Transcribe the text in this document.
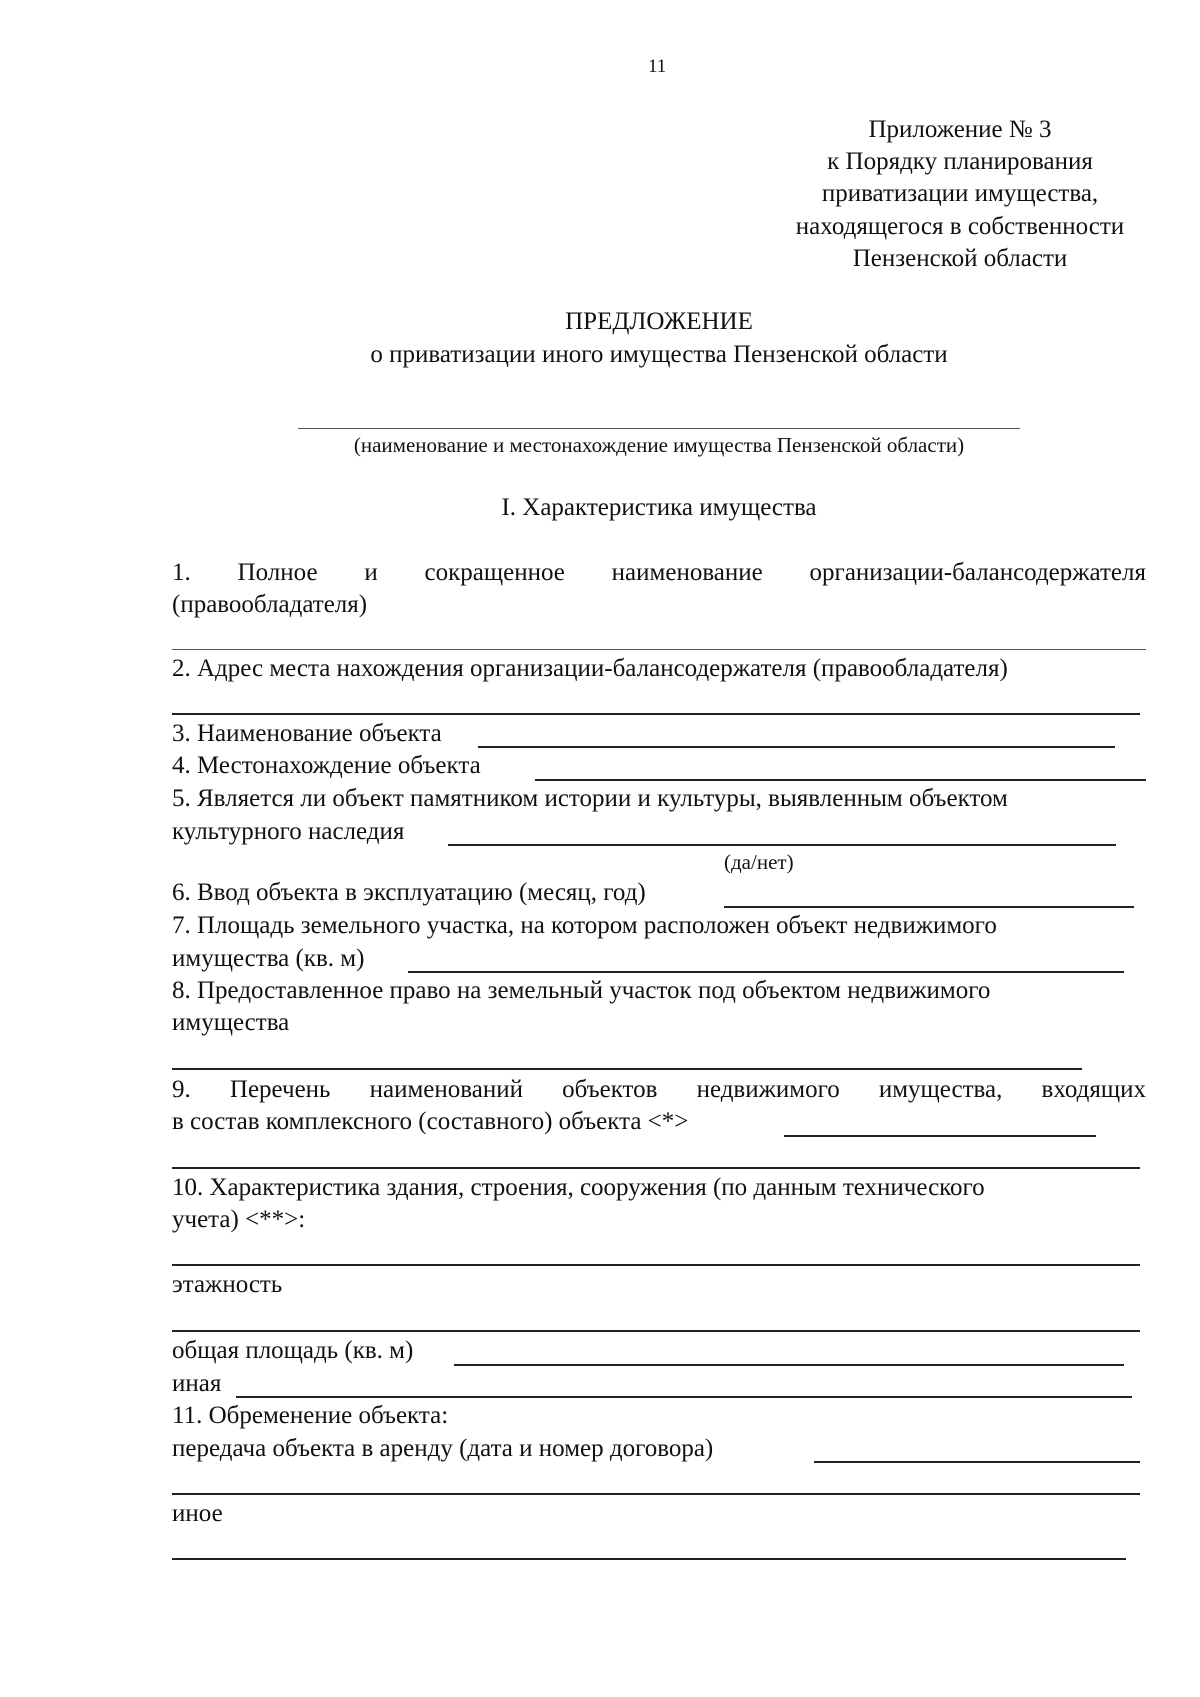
11
Приложение № 3
к Порядку планирования
приватизации имущества,
находящегося в собственности
Пензенской области
ПРЕДЛОЖЕНИЕ
о приватизации иного имущества Пензенской области
(наименование и местонахождение имущества Пензенской области)
I. Характеристика имущества
1. Полное и сокращенное наименование организации-балансодержателя
(правообладателя)
2. Адрес места нахождения организации-балансодержателя (правообладателя)
3. Наименование объекта
4. Местонахождение объекта
5. Является ли объект памятником истории и культуры, выявленным объектом
культурного наследия
(да/нет)
6. Ввод объекта в эксплуатацию (месяц, год)
7. Площадь земельного участка, на котором расположен объект недвижимого
имущества (кв. м)
8. Предоставленное право на земельный участок под объектом недвижимого
имущества
9. Перечень наименований объектов недвижимого имущества, входящих
в состав комплексного (составного) объекта <*>
10. Характеристика здания, строения, сооружения (по данным технического
учета) <**>:
этажность
общая площадь (кв. м)
иная
11. Обременение объекта:
передача объекта в аренду (дата и номер договора)
иное
